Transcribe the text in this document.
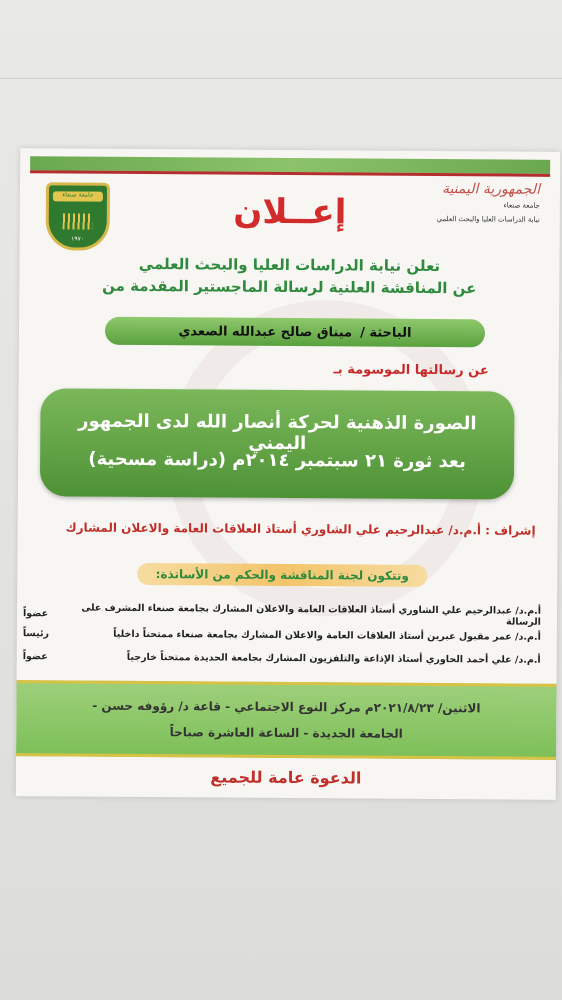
الجمهورية اليمنية
جامعة صنعاء
نيابة الدراسات العليا والبحث العلمي
جامعة صنعاء
١٩٧٠
إعــلان
تعلن نيابة الدراسات العليا والبحث العلمي
عن المناقشة العلنية لرسالة الماجستير المقدمة من
الباحثة /
ميناق صالح عبدالله الصعدي
عن رسالتها الموسومة بـ
الصورة الذهنية لحركة أنصار الله لدى الجمهور اليمني
بعد ثورة ٢١ سبتمبر ٢٠١٤م (دراسة مسحية)
إشراف : أ.م.د/ عبدالرحيم علي الشاوري أستاذ العلاقات العامة والاعلان المشارك
وتتكون لجنة المناقشة والحكم من الأساتذة:
أ.م.د/ عبدالرحيم علي الشاوري أستاذ العلاقات العامة والاعلان المشارك بجامعة صنعاء المشرف على الرسالة
عضواً
أ.م.د/ عمر مقبول عبرين أستاذ العلاقات العامة والاعلان المشارك بجامعة صنعاء ممتحناً داخلياً
رئيساً
أ.م.د/ علي أحمد الحاوري أستاذ الإذاعة والتلفزيون المشارك بجامعة الحديدة ممتحناً خارجياً
عضواً
الاثنين/ ٢٠٢١/٨/٢٣م مركز النوع الاجتماعي - قاعة د/ رؤوفه حسن -
الجامعة الجديدة - الساعة العاشرة صباحاً
الدعوة عامة للجميع
